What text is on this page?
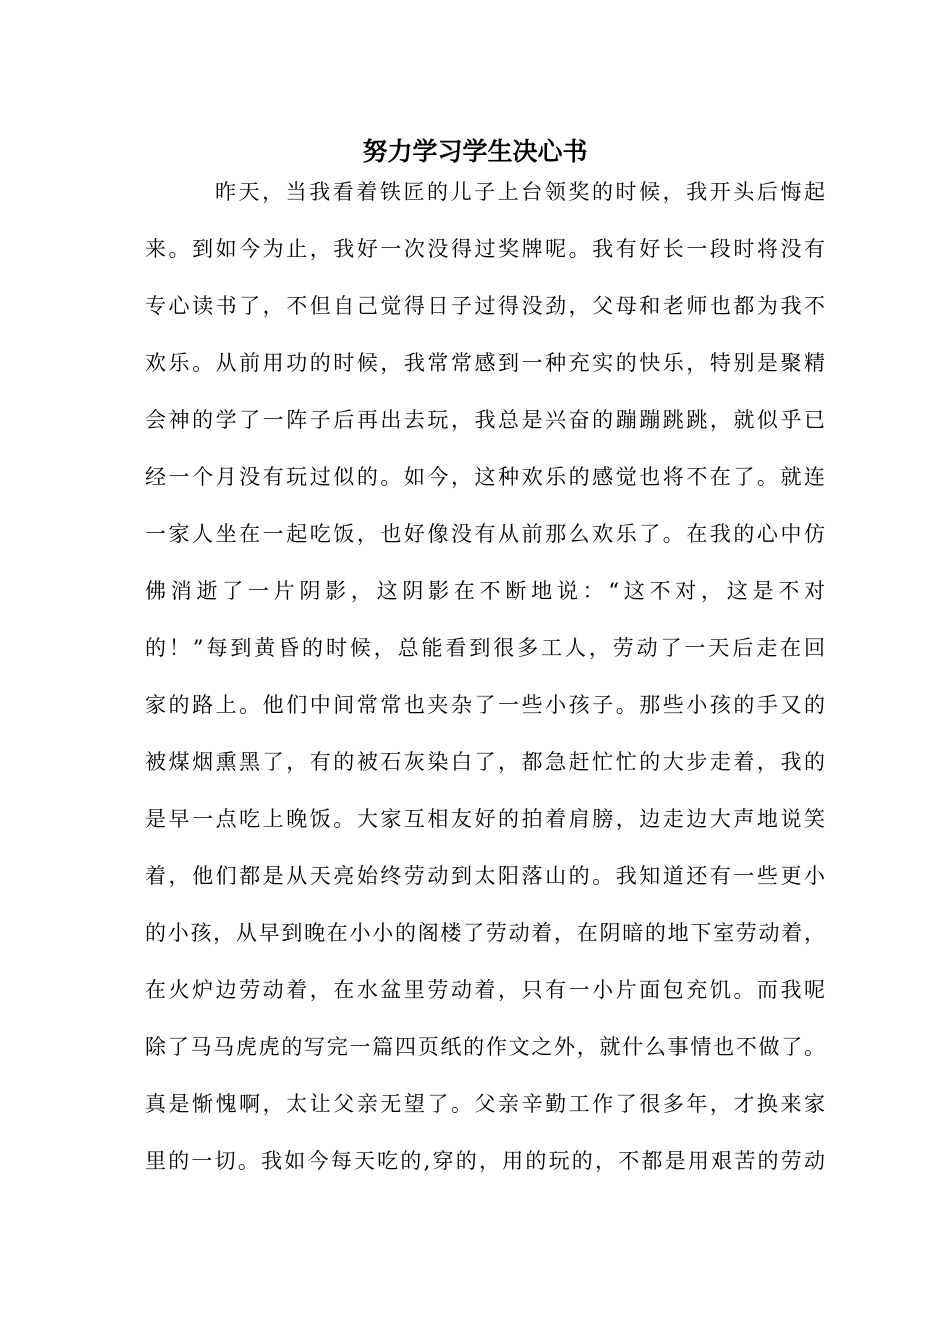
努力学习学生决心书
昨天，当我看着铁匠的儿子上台领奖的时候，我开头后悔起
来。到如今为止，我好一次没得过奖牌呢。我有好长一段时将没有
专心读书了，不但自己觉得日子过得没劲，父母和老师也都为我不
欢乐。从前用功的时候，我常常感到一种充实的快乐，特别是聚精
会神的学了一阵子后再出去玩，我总是兴奋的蹦蹦跳跳，就似乎已
经一个月没有玩过似的。如今，这种欢乐的感觉也将不在了。就连
一家人坐在一起吃饭，也好像没有从前那么欢乐了。在我的心中仿
佛消逝了一片阴影，这阴影在不断地说：“这不对，这是不对
的！”每到黄昏的时候，总能看到很多工人，劳动了一天后走在回
家的路上。他们中间常常也夹杂了一些小孩子。那些小孩的手又的
被煤烟熏黑了，有的被石灰染白了，都急赶忙忙的大步走着，我的
是早一点吃上晚饭。大家互相友好的拍着肩膀，边走边大声地说笑
着，他们都是从天亮始终劳动到太阳落山的。我知道还有一些更小
的小孩，从早到晚在小小的阁楼了劳动着，在阴暗的地下室劳动着，
在火炉边劳动着，在水盆里劳动着，只有一小片面包充饥。而我呢
除了马马虎虎的写完一篇四页纸的作文之外，就什么事情也不做了。
真是惭愧啊，太让父亲无望了。父亲辛勤工作了很多年，才换来家
里的一切。我如今每天吃的,穿的，用的玩的，不都是用艰苦的劳动
